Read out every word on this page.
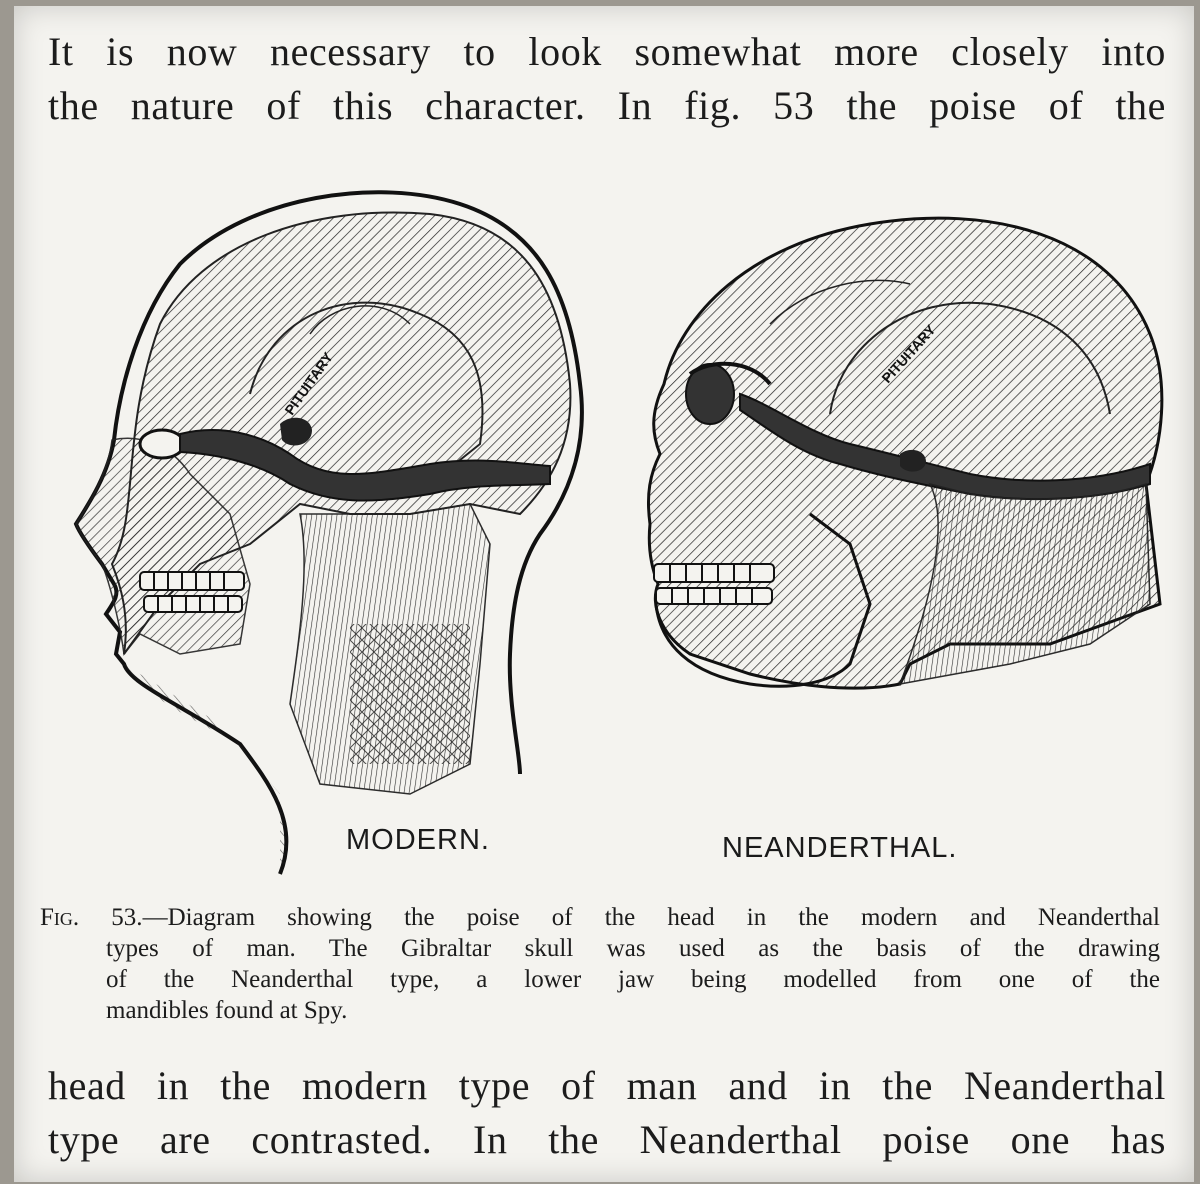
It is now necessary to look somewhat more closely into
the nature of this character. In fig. 53 the poise of the
PITUITARY	PITUITARY
MODERN.	NEANDERTHAL.
Fig. 53.—Diagram showing the poise of the head in the modern and Neanderthal
types of man. The Gibraltar skull was used as the basis of the drawing
of the Neanderthal type, a lower jaw being modelled from one of the
mandibles found at Spy.
head in the modern type of man and in the Neanderthal
type are contrasted. In the Neanderthal poise one has
